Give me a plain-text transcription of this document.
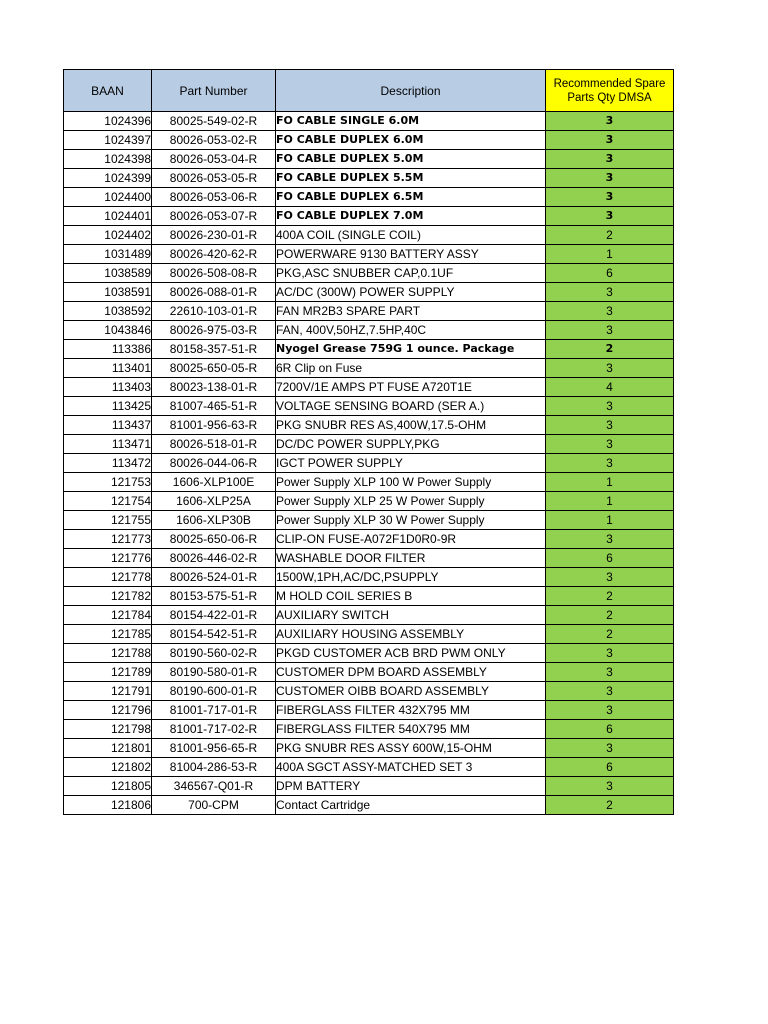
BAAN	Part Number	Description	Recommended Spare Parts Qty DMSA
1024396	80025-549-02-R	FO CABLE SINGLE 6.0M	3
1024397	80026-053-02-R	FO CABLE DUPLEX 6.0M	3
1024398	80026-053-04-R	FO CABLE DUPLEX 5.0M	3
1024399	80026-053-05-R	FO CABLE DUPLEX 5.5M	3
1024400	80026-053-06-R	FO CABLE DUPLEX 6.5M	3
1024401	80026-053-07-R	FO CABLE DUPLEX 7.0M	3
1024402	80026-230-01-R	400A COIL (SINGLE COIL)	2
1031489	80026-420-62-R	POWERWARE 9130 BATTERY ASSY	1
1038589	80026-508-08-R	PKG,ASC SNUBBER CAP,0.1UF	6
1038591	80026-088-01-R	AC/DC (300W) POWER SUPPLY	3
1038592	22610-103-01-R	FAN MR2B3 SPARE PART	3
1043846	80026-975-03-R	FAN, 400V,50HZ,7.5HP,40C	3
113386	80158-357-51-R	Nyogel Grease 759G 1 ounce. Package	2
113401	80025-650-05-R	6R Clip on Fuse	3
113403	80023-138-01-R	7200V/1E AMPS PT FUSE A720T1E	4
113425	81007-465-51-R	VOLTAGE SENSING BOARD (SER A.)	3
113437	81001-956-63-R	PKG SNUBR RES AS,400W,17.5-OHM	3
113471	80026-518-01-R	DC/DC POWER SUPPLY,PKG	3
113472	80026-044-06-R	IGCT POWER SUPPLY	3
121753	1606-XLP100E	Power Supply XLP 100 W Power Supply	1
121754	1606-XLP25A	Power Supply XLP 25 W Power Supply	1
121755	1606-XLP30B	Power Supply XLP 30 W Power Supply	1
121773	80025-650-06-R	CLIP-ON FUSE-A072F1D0R0-9R	3
121776	80026-446-02-R	WASHABLE DOOR FILTER	6
121778	80026-524-01-R	1500W,1PH,AC/DC,PSUPPLY	3
121782	80153-575-51-R	M HOLD COIL SERIES B	2
121784	80154-422-01-R	AUXILIARY SWITCH	2
121785	80154-542-51-R	AUXILIARY HOUSING ASSEMBLY	2
121788	80190-560-02-R	PKGD CUSTOMER ACB BRD PWM ONLY	3
121789	80190-580-01-R	CUSTOMER DPM BOARD ASSEMBLY	3
121791	80190-600-01-R	CUSTOMER OIBB BOARD ASSEMBLY	3
121796	81001-717-01-R	FIBERGLASS FILTER 432X795 MM	3
121798	81001-717-02-R	FIBERGLASS FILTER 540X795 MM	6
121801	81001-956-65-R	PKG SNUBR RES ASSY 600W,15-OHM	3
121802	81004-286-53-R	400A SGCT ASSY-MATCHED SET 3	6
121805	346567-Q01-R	DPM BATTERY	3
121806	700-CPM	Contact Cartridge	2
